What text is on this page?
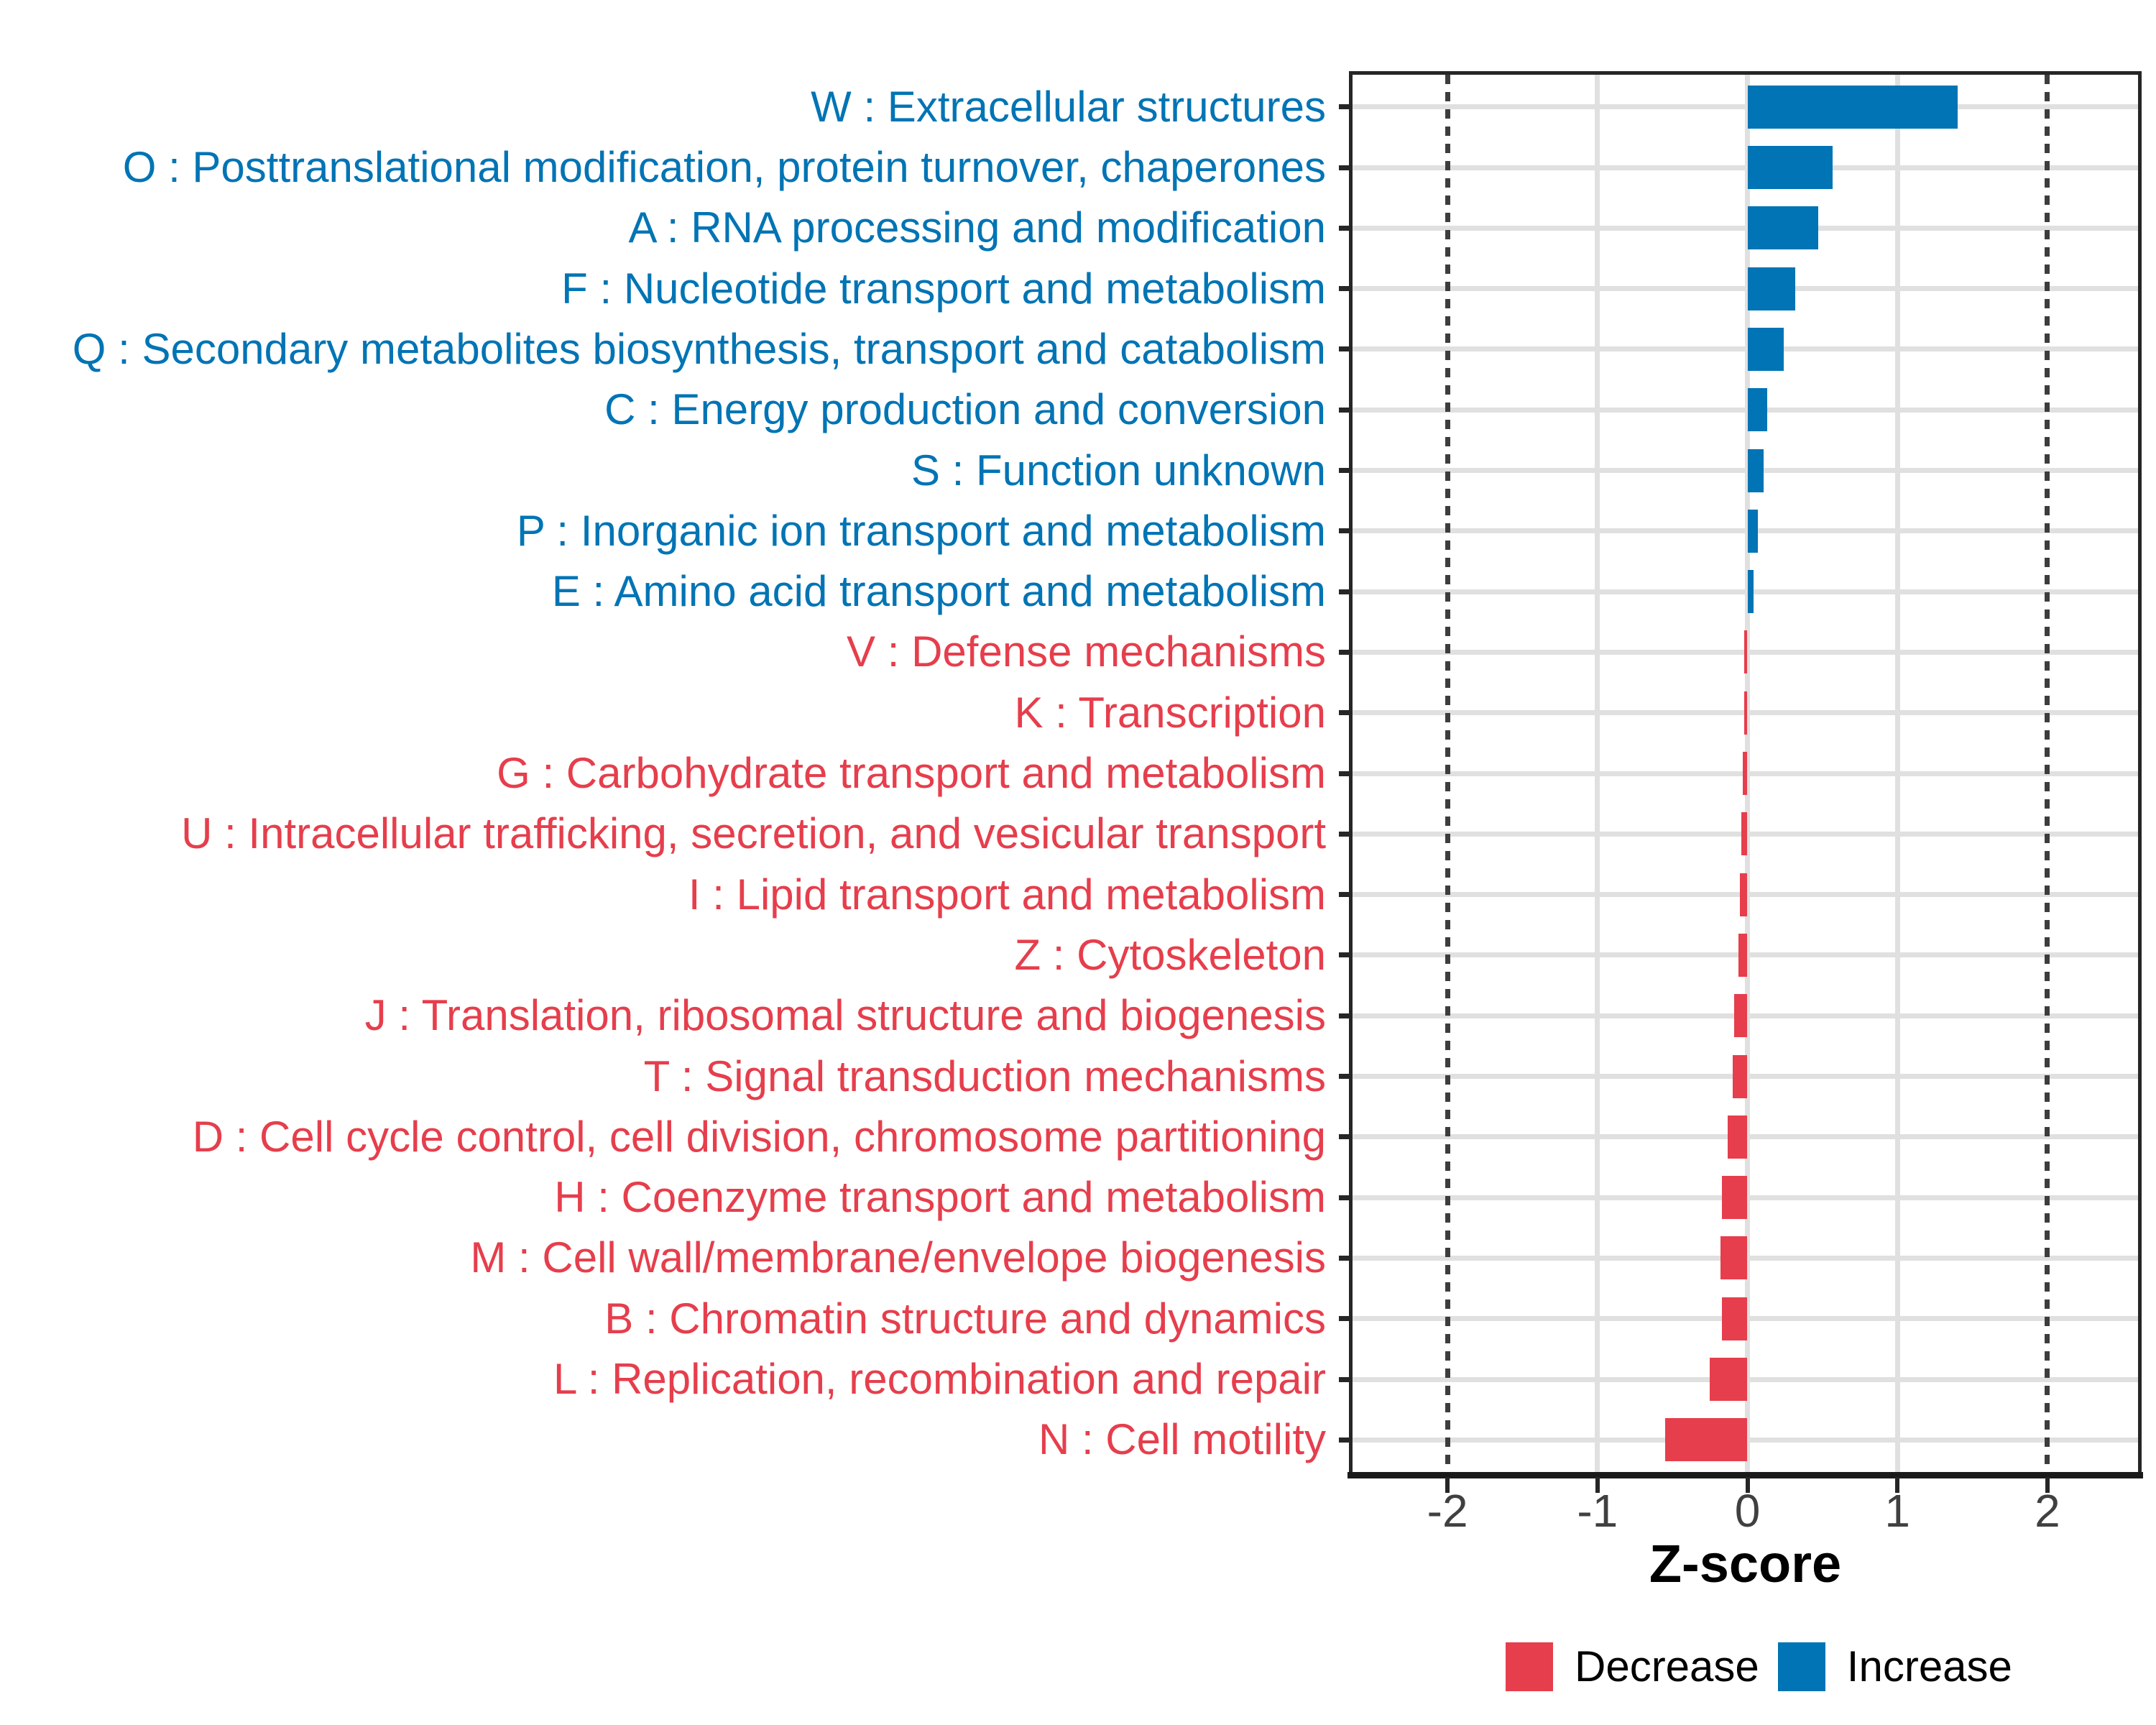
W : Extracellular structures
O : Posttranslational modification, protein turnover, chaperones
A : RNA processing and modification
F : Nucleotide transport and metabolism
Q : Secondary metabolites biosynthesis, transport and catabolism
C : Energy production and conversion
S : Function unknown
P : Inorganic ion transport and metabolism
E : Amino acid transport and metabolism
V : Defense mechanisms
K : Transcription
G : Carbohydrate transport and metabolism
U : Intracellular trafficking, secretion, and vesicular transport
I : Lipid transport and metabolism
Z : Cytoskeleton
J : Translation, ribosomal structure and biogenesis
T : Signal transduction mechanisms
D : Cell cycle control, cell division, chromosome partitioning
H : Coenzyme transport and metabolism
M : Cell wall/membrane/envelope biogenesis
B : Chromatin structure and dynamics
L : Replication, recombination and repair
N : Cell motility
-2	-1	0	1	2
Z-score
Decrease Increase
